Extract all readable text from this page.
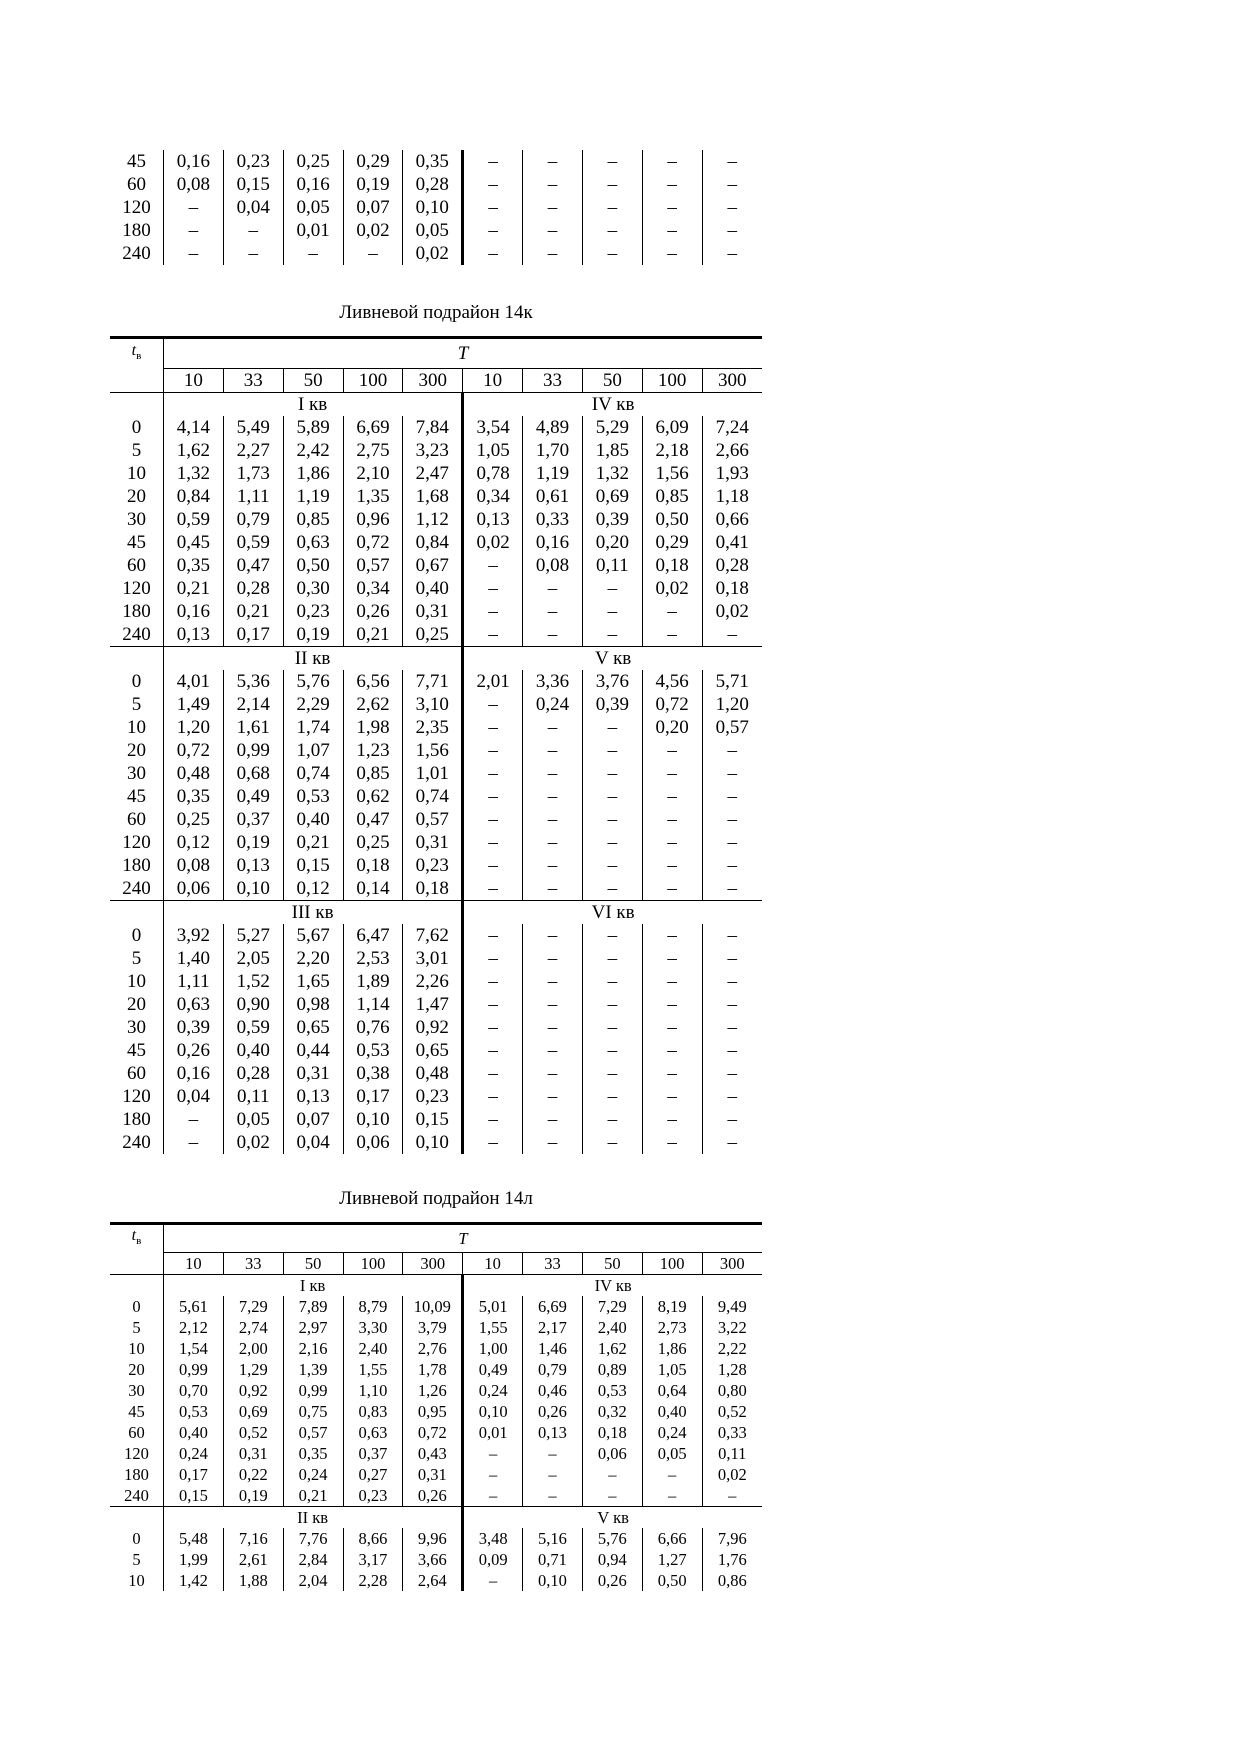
45	0,16	0,23	0,25	0,29	0,35	–	–	–	–	–
60	0,08	0,15	0,16	0,19	0,28	–	–	–	–	–
120	–	0,04	0,05	0,07	0,10	–	–	–	–	–
180	–	–	0,01	0,02	0,05	–	–	–	–	–
240	–	–	–	–	0,02	–	–	–	–	–
Ливневой подрайон 14к
$t_в$	T									
	10	33	50	100	300	10	33	50	100	300
	I кв					IV кв				
0	4,14	5,49	5,89	6,69	7,84	3,54	4,89	5,29	6,09	7,24
5	1,62	2,27	2,42	2,75	3,23	1,05	1,70	1,85	2,18	2,66
10	1,32	1,73	1,86	2,10	2,47	0,78	1,19	1,32	1,56	1,93
20	0,84	1,11	1,19	1,35	1,68	0,34	0,61	0,69	0,85	1,18
30	0,59	0,79	0,85	0,96	1,12	0,13	0,33	0,39	0,50	0,66
45	0,45	0,59	0,63	0,72	0,84	0,02	0,16	0,20	0,29	0,41
60	0,35	0,47	0,50	0,57	0,67	–	0,08	0,11	0,18	0,28
120	0,21	0,28	0,30	0,34	0,40	–	–	–	0,02	0,18
180	0,16	0,21	0,23	0,26	0,31	–	–	–	–	0,02
240	0,13	0,17	0,19	0,21	0,25	–	–	–	–	–
	II кв					V кв				
0	4,01	5,36	5,76	6,56	7,71	2,01	3,36	3,76	4,56	5,71
5	1,49	2,14	2,29	2,62	3,10	–	0,24	0,39	0,72	1,20
10	1,20	1,61	1,74	1,98	2,35	–	–	–	0,20	0,57
20	0,72	0,99	1,07	1,23	1,56	–	–	–	–	–
30	0,48	0,68	0,74	0,85	1,01	–	–	–	–	–
45	0,35	0,49	0,53	0,62	0,74	–	–	–	–	–
60	0,25	0,37	0,40	0,47	0,57	–	–	–	–	–
120	0,12	0,19	0,21	0,25	0,31	–	–	–	–	–
180	0,08	0,13	0,15	0,18	0,23	–	–	–	–	–
240	0,06	0,10	0,12	0,14	0,18	–	–	–	–	–
	III кв					VI кв				
0	3,92	5,27	5,67	6,47	7,62	–	–	–	–	–
5	1,40	2,05	2,20	2,53	3,01	–	–	–	–	–
10	1,11	1,52	1,65	1,89	2,26	–	–	–	–	–
20	0,63	0,90	0,98	1,14	1,47	–	–	–	–	–
30	0,39	0,59	0,65	0,76	0,92	–	–	–	–	–
45	0,26	0,40	0,44	0,53	0,65	–	–	–	–	–
60	0,16	0,28	0,31	0,38	0,48	–	–	–	–	–
120	0,04	0,11	0,13	0,17	0,23	–	–	–	–	–
180	–	0,05	0,07	0,10	0,15	–	–	–	–	–
240	–	0,02	0,04	0,06	0,10	–	–	–	–	–
Ливневой подрайон 14л
$t_в$	T									
	10	33	50	100	300	10	33	50	100	300
	I кв					IV кв				
0	5,61	7,29	7,89	8,79	10,09	5,01	6,69	7,29	8,19	9,49
5	2,12	2,74	2,97	3,30	3,79	1,55	2,17	2,40	2,73	3,22
10	1,54	2,00	2,16	2,40	2,76	1,00	1,46	1,62	1,86	2,22
20	0,99	1,29	1,39	1,55	1,78	0,49	0,79	0,89	1,05	1,28
30	0,70	0,92	0,99	1,10	1,26	0,24	0,46	0,53	0,64	0,80
45	0,53	0,69	0,75	0,83	0,95	0,10	0,26	0,32	0,40	0,52
60	0,40	0,52	0,57	0,63	0,72	0,01	0,13	0,18	0,24	0,33
120	0,24	0,31	0,35	0,37	0,43	–	–	0,06	0,05	0,11
180	0,17	0,22	0,24	0,27	0,31	–	–	–	–	0,02
240	0,15	0,19	0,21	0,23	0,26	–	–	–	–	–
	II кв					V кв				
0	5,48	7,16	7,76	8,66	9,96	3,48	5,16	5,76	6,66	7,96
5	1,99	2,61	2,84	3,17	3,66	0,09	0,71	0,94	1,27	1,76
10	1,42	1,88	2,04	2,28	2,64	–	0,10	0,26	0,50	0,86
